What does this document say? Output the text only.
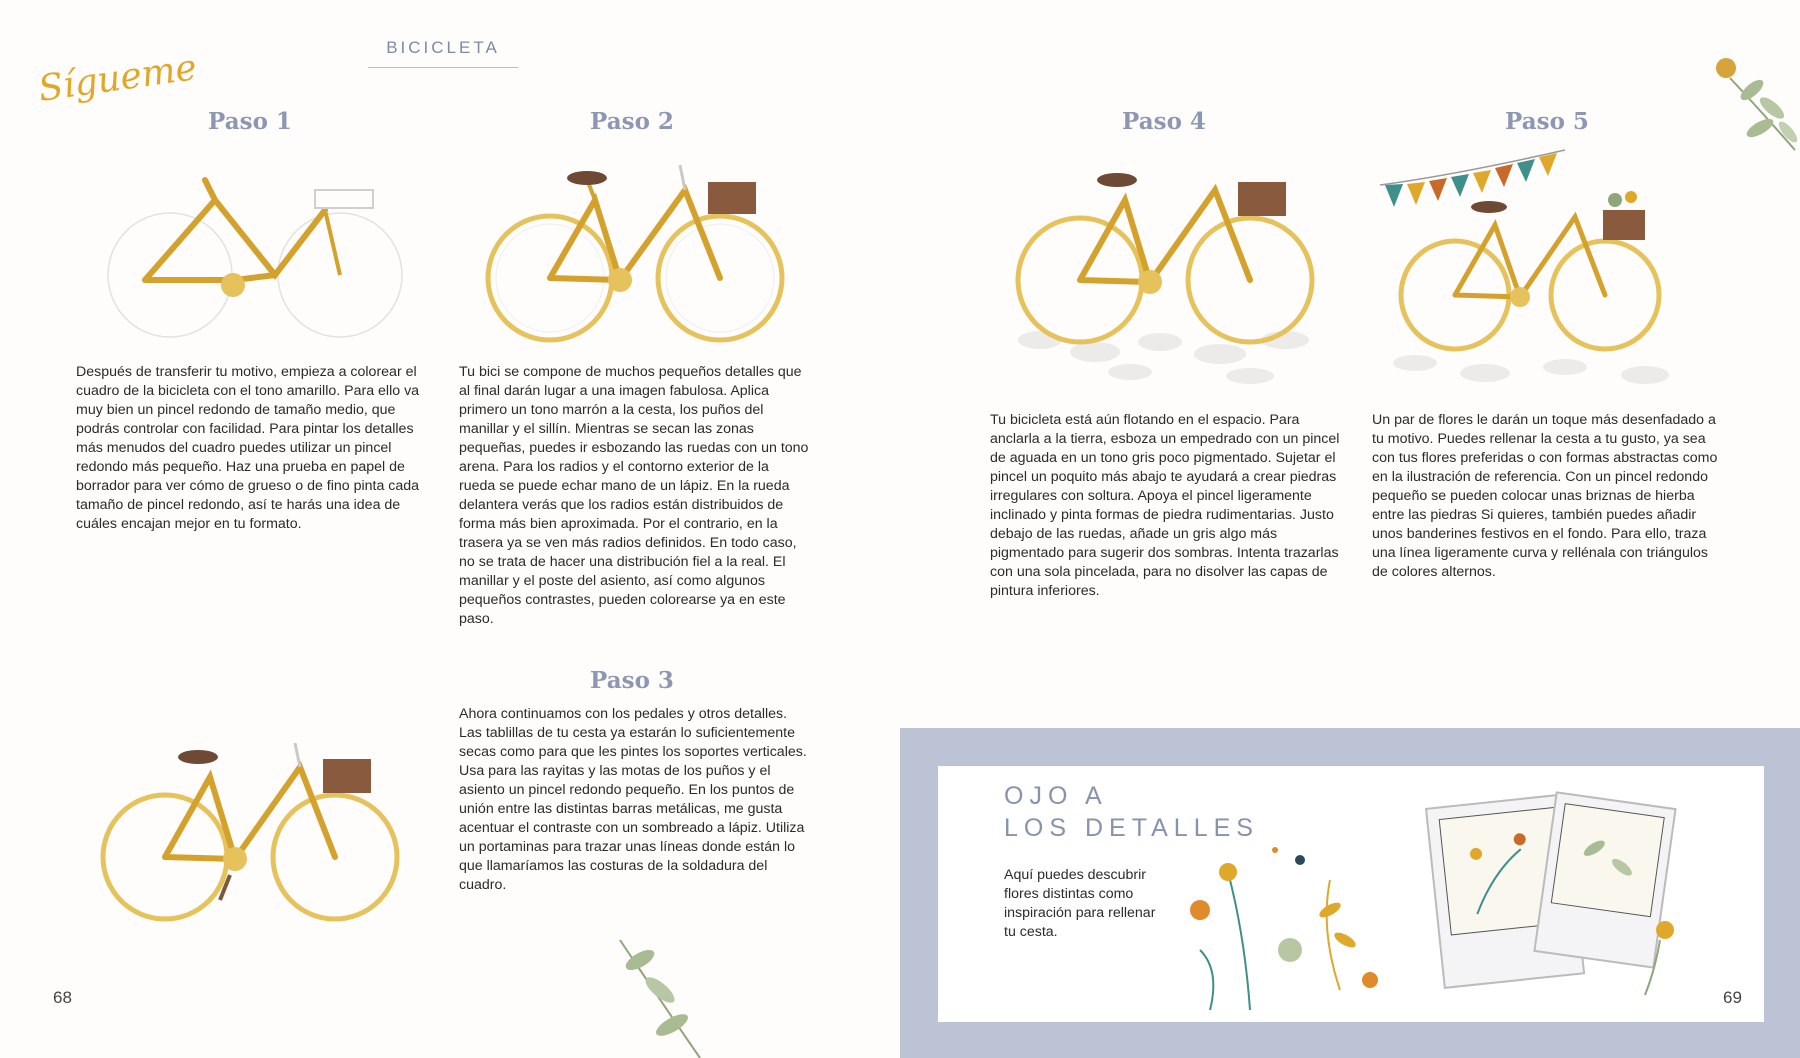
BICICLETA
Sígueme
Paso 1
Después de transferir tu motivo, empieza a colorear el cuadro de la bicicleta con el tono amarillo. Para ello va muy bien un pincel redondo de tamaño medio, que podrás controlar con facilidad. Para pintar los detalles más menudos del cuadro puedes utilizar un pincel redondo más pequeño. Haz una prueba en papel de borrador para ver cómo de grueso o de fino pinta cada tamaño de pincel redondo, así te harás una idea de cuáles encajan mejor en tu formato.
Paso 2
Tu bici se compone de muchos pequeños detalles que al final darán lugar a una imagen fabulosa. Aplica primero un tono marrón a la cesta, los puños del manillar y el sillín. Mientras se secan las zonas pequeñas, puedes ir esbozando las ruedas con un tono arena. Para los radios y el contorno exterior de la rueda se puede echar mano de un lápiz. En la rueda delantera verás que los radios están distribuidos de forma más bien aproximada. Por el contrario, en la trasera ya se ven más radios definidos. En todo caso, no se trata de hacer una distribución fiel a la real. El manillar y el poste del asiento, así como algunos pequeños contrastes, pueden colorearse ya en este paso.
Paso 3
Ahora continuamos con los pedales y otros detalles. Las tablillas de tu cesta ya estarán lo suficientemente secas como para que les pintes los soportes verticales. Usa para las rayitas y las motas de los puños y el asiento un pincel redondo pequeño. En los puntos de unión entre las distintas barras metálicas, me gusta acentuar el contraste con un sombreado a lápiz. Utiliza un portaminas para trazar unas líneas donde están lo que llamaríamos las costuras de la soldadura del cuadro.
Paso 4
Tu bicicleta está aún flotando en el espacio. Para anclarla a la tierra, esboza un empedrado con un pincel de aguada en un tono gris poco pigmentado. Sujetar el pincel un poquito más abajo te ayudará a crear piedras irregulares con soltura. Apoya el pincel ligeramente inclinado y pinta formas de piedra rudimentarias. Justo debajo de las ruedas, añade un gris algo más pigmentado para sugerir dos sombras. Intenta trazarlas con una sola pincelada, para no disolver las capas de pintura inferiores.
Paso 5
Un par de flores le darán un toque más desenfadado a tu motivo. Puedes rellenar la cesta a tu gusto, ya sea con tus flores preferidas o con formas abstractas como en la ilustración de referencia. Con un pincel redondo pequeño se pueden colocar unas briznas de hierba entre las piedras Si quieres, también puedes añadir unos banderines festivos en el fondo. Para ello, traza una línea ligeramente curva y rellénala con triángulos de colores alternos.
OJO A
LOS DETALLES
Aquí puedes descubrir flores distintas como inspiración para rellenar tu cesta.
68	69
